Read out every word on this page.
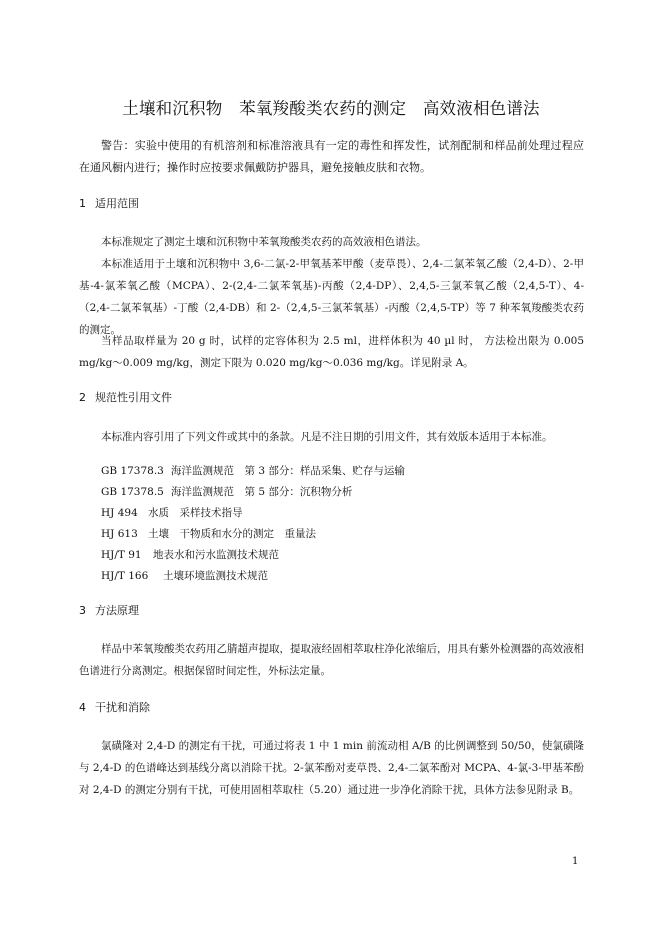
土壤和沉积物　苯氧羧酸类农药的测定　高效液相色谱法
警告：实验中使用的有机溶剂和标准溶液具有一定的毒性和挥发性，试剂配制和样品前处理过程应在通风橱内进行；操作时应按要求佩戴防护器具，避免接触皮肤和衣物。
1 适用范围
本标准规定了测定土壤和沉积物中苯氧羧酸类农药的高效液相色谱法。
本标准适用于土壤和沉积物中 3,6-二氯-2-甲氧基苯甲酸（麦草畏）、2,4-二氯苯氧乙酸（2,4-D）、2-甲基-4-氯苯氧乙酸（MCPA）、2-(2,4-二氯苯氧基)-丙酸（2,4-DP）、2,4,5-三氯苯氧乙酸（2,4,5-T）、4-（2,4-二氯苯氧基）-丁酸（2,4-DB）和 2-（2,4,5-三氯苯氧基）-丙酸（2,4,5-TP）等 7 种苯氧羧酸类农药的测定。
当样品取样量为 20 g 时，试样的定容体积为 2.5 ml，进样体积为 40 µl 时， 方法检出限为 0.005 mg/kg～0.009 mg/kg，测定下限为 0.020 mg/kg～0.036 mg/kg。详见附录 A。
2 规范性引用文件
本标准内容引用了下列文件或其中的条款。凡是不注日期的引用文件，其有效版本适用于本标准。
GB 17378.3 海洋监测规范　第 3 部分：样品采集、贮存与运输
GB 17378.5 海洋监测规范　第 5 部分：沉积物分析
HJ 494 水质　采样技术指导
HJ 613 土壤　干物质和水分的测定　重量法
HJ/T 91 地表水和污水监测技术规范
HJ/T 166 土壤环境监测技术规范
3 方法原理
样品中苯氧羧酸类农药用乙腈超声提取，提取液经固相萃取柱净化浓缩后，用具有紫外检测器的高效液相色谱进行分离测定。根据保留时间定性，外标法定量。
4 干扰和消除
氯磺隆对 2,4-D 的测定有干扰，可通过将表 1 中 1 min 前流动相 A/B 的比例调整到 50/50，使氯磺隆与 2,4-D 的色谱峰达到基线分离以消除干扰。2-氯苯酚对麦草畏、2,4-二氯苯酚对 MCPA、4-氯-3-甲基苯酚对 2,4-D 的测定分别有干扰，可使用固相萃取柱（5.20）通过进一步净化消除干扰，具体方法参见附录 B。
1
